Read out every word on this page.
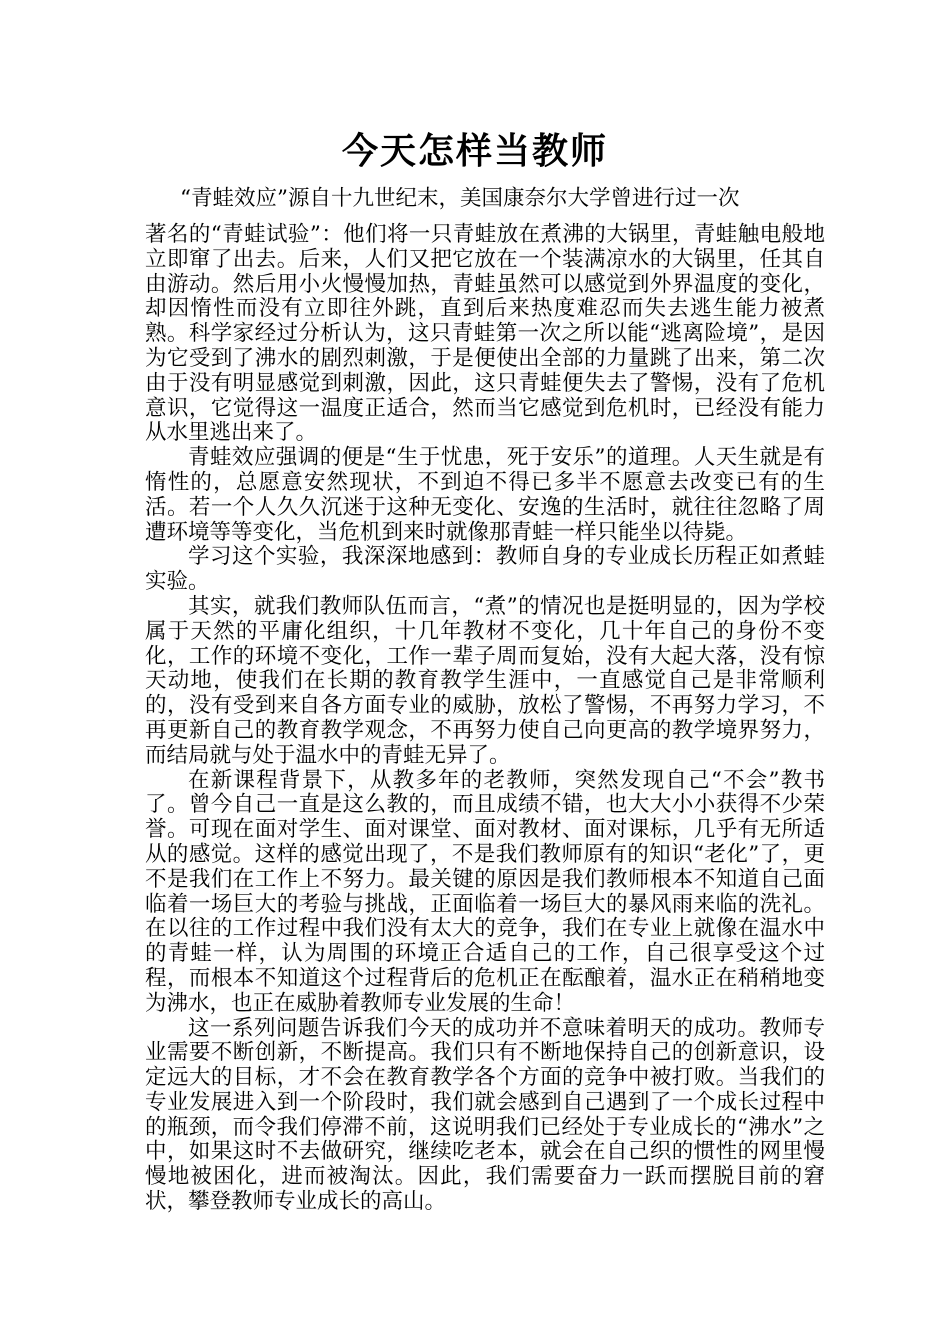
今天怎样当教师
“青蛙效应”源自十九世纪末，美国康奈尔大学曾进行过一次

著名的“青蛙试验”：他们将一只青蛙放在煮沸的大锅里，青蛙触电般地立即窜了出去。后来，人们又把它放在一个装满凉水的大锅里，任其自由游动。然后用小火慢慢加热，青蛙虽然可以感觉到外界温度的变化，却因惰性而没有立即往外跳，直到后来热度难忍而失去逃生能力被煮熟。科学家经过分析认为，这只青蛙第一次之所以能“逃离险境”，是因为它受到了沸水的剧烈刺激，于是便使出全部的力量跳了出来，第二次由于没有明显感觉到刺激，因此，这只青蛙便失去了警惕，没有了危机意识，它觉得这一温度正适合，然而当它感觉到危机时，已经没有能力从水里逃出来了。

青蛙效应强调的便是“生于忧患，死于安乐”的道理。人天生就是有惰性的，总愿意安然现状，不到迫不得已多半不愿意去改变已有的生活。若一个人久久沉迷于这种无变化、安逸的生活时，就往往忽略了周遭环境等等变化，当危机到来时就像那青蛙一样只能坐以待毙。

学习这个实验，我深深地感到：教师自身的专业成长历程正如煮蛙实验。

其实，就我们教师队伍而言，“煮”的情况也是挺明显的，因为学校属于天然的平庸化组织，十几年教材不变化，几十年自己的身份不变化，工作的环境不变化，工作一辈子周而复始，没有大起大落，没有惊天动地，使我们在长期的教育教学生涯中，一直感觉自己是非常顺利的，没有受到来自各方面专业的威胁，放松了警惕，不再努力学习，不再更新自己的教育教学观念，不再努力使自己向更高的教学境界努力，而结局就与处于温水中的青蛙无异了。

在新课程背景下，从教多年的老教师，突然发现自己“不会”教书了。曾今自己一直是这么教的，而且成绩不错，也大大小小获得不少荣誉。可现在面对学生、面对课堂、面对教材、面对课标，几乎有无所适从的感觉。这样的感觉出现了，不是我们教师原有的知识“老化”了，更不是我们在工作上不努力。最关键的原因是我们教师根本不知道自己面临着一场巨大的考验与挑战，正面临着一场巨大的暴风雨来临的洗礼。在以往的工作过程中我们没有太大的竞争，我们在专业上就像在温水中的青蛙一样，认为周围的环境正合适自己的工作，自己很享受这个过程，而根本不知道这个过程背后的危机正在酝酿着，温水正在稍稍地变为沸水，也正在威胁着教师专业发展的生命！

这一系列问题告诉我们今天的成功并不意味着明天的成功。教师专业需要不断创新，不断提高。我们只有不断地保持自己的创新意识，设定远大的目标，才不会在教育教学各个方面的竞争中被打败。当我们的专业发展进入到一个阶段时，我们就会感到自己遇到了一个成长过程中的瓶颈，而令我们停滞不前，这说明我们已经处于专业成长的“沸水”之中，如果这时不去做研究，继续吃老本，就会在自己织的惯性的网里慢慢地被困化，进而被淘汰。因此，我们需要奋力一跃而摆脱目前的窘状，攀登教师专业成长的高山。
